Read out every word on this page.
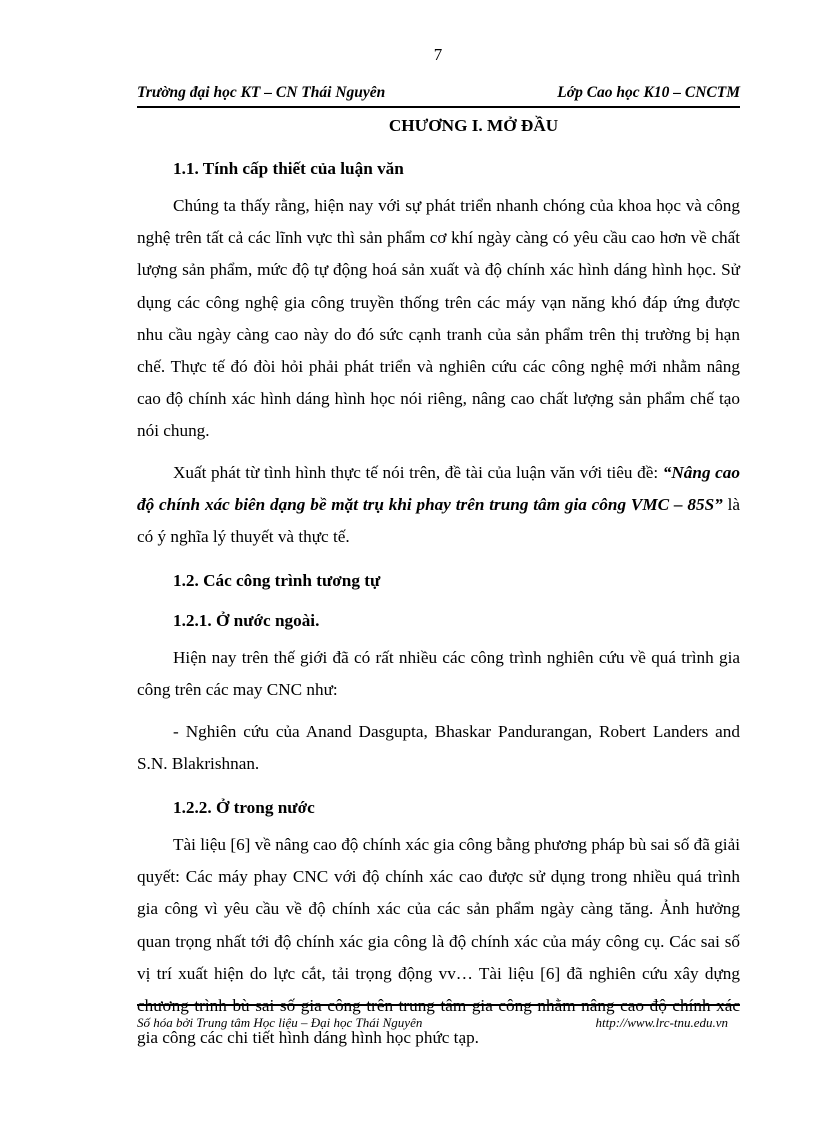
7
Trường đại học KT – CN Thái Nguyên	Lớp Cao học K10 – CNCTM
CHƯƠNG I. MỞ ĐẦU
1.1. Tính cấp thiết của luận văn

Chúng ta thấy rằng, hiện nay với sự phát triển nhanh chóng của khoa học và công nghệ trên tất cả các lĩnh vực thì sản phẩm cơ khí ngày càng có yêu cầu cao hơn về chất lượng sản phẩm, mức độ tự động hoá sản xuất và độ chính xác hình dáng hình học. Sử dụng các công nghệ gia công truyền thống trên các máy vạn năng khó đáp ứng được nhu cầu ngày càng cao này do đó sức cạnh tranh của sản phẩm trên thị trường bị hạn chế. Thực tế đó đòi hỏi phải phát triển và nghiên cứu các công nghệ mới nhằm nâng cao độ chính xác hình dáng hình học nói riêng, nâng cao chất lượng sản phẩm chế tạo nói chung.

Xuất phát từ tình hình thực tế nói trên, đề tài của luận văn với tiêu đề: “Nâng cao độ chính xác biên dạng bề mặt trụ khi phay trên trung tâm gia công VMC – 85S” là có ý nghĩa lý thuyết và thực tế.

1.2. Các công trình tương tự
1.2.1. Ở nước ngoài.

Hiện nay trên thế giới đã có rất nhiều các công trình nghiên cứu về quá trình gia công trên các may CNC như:

- Nghiên cứu của Anand Dasgupta, Bhaskar Pandurangan, Robert Landers and S.N. Blakrishnan.

1.2.2. Ở trong nước

Tài liệu [6] về nâng cao độ chính xác gia công bằng phương pháp bù sai số đã giải quyết: Các máy phay CNC với độ chính xác cao được sử dụng trong nhiều quá trình gia công vì yêu cầu về độ chính xác của các sản phẩm ngày càng tăng. Ảnh hưởng quan trọng nhất tới độ chính xác gia công là độ chính xác của máy công cụ. Các sai số vị trí xuất hiện do lực cắt, tải trọng động vv… Tài liệu [6] đã nghiên cứu xây dựng chương trình bù sai số gia công trên trung tâm gia công nhằm nâng cao độ chính xác gia công các chi tiết hình dáng hình học phức tạp.

Số hóa bởi Trung tâm Học liệu – Đại học Thái Nguyên	http://www.lrc-tnu.edu.vn
